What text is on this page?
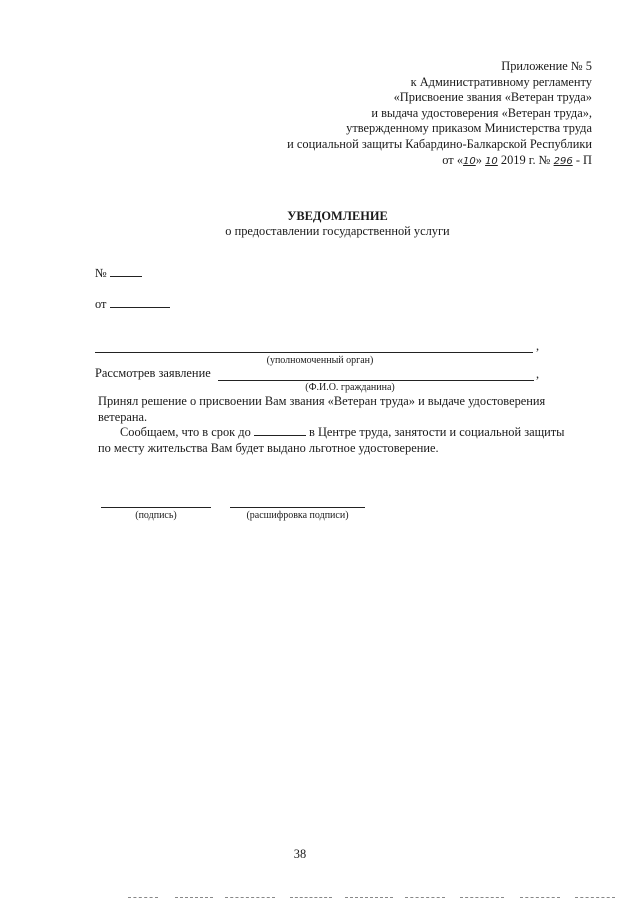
Приложение № 5
к Административному регламенту
«Присвоение звания «Ветеран труда»
и выдача удостоверения «Ветеран труда»,
утвержденному приказом Министерства труда
и социальной защиты Кабардино-Балкарской Республики
от «10» 10 2019 г. № 296 - П
УВЕДОМЛЕНИЕ
о предоставлении государственной услуги
№
от
,
(уполномоченный орган)
Рассмотрев заявление	,
(Ф.И.О. гражданина)
Принял решение о присвоении Вам звания «Ветеран труда» и выдаче удостоверения
ветерана.
Сообщаем, что в срок до	в Центре труда, занятости и социальной защиты
по месту жительства Вам будет выдано льготное удостоверение.
(подпись)	(расшифровка подписи)
38
